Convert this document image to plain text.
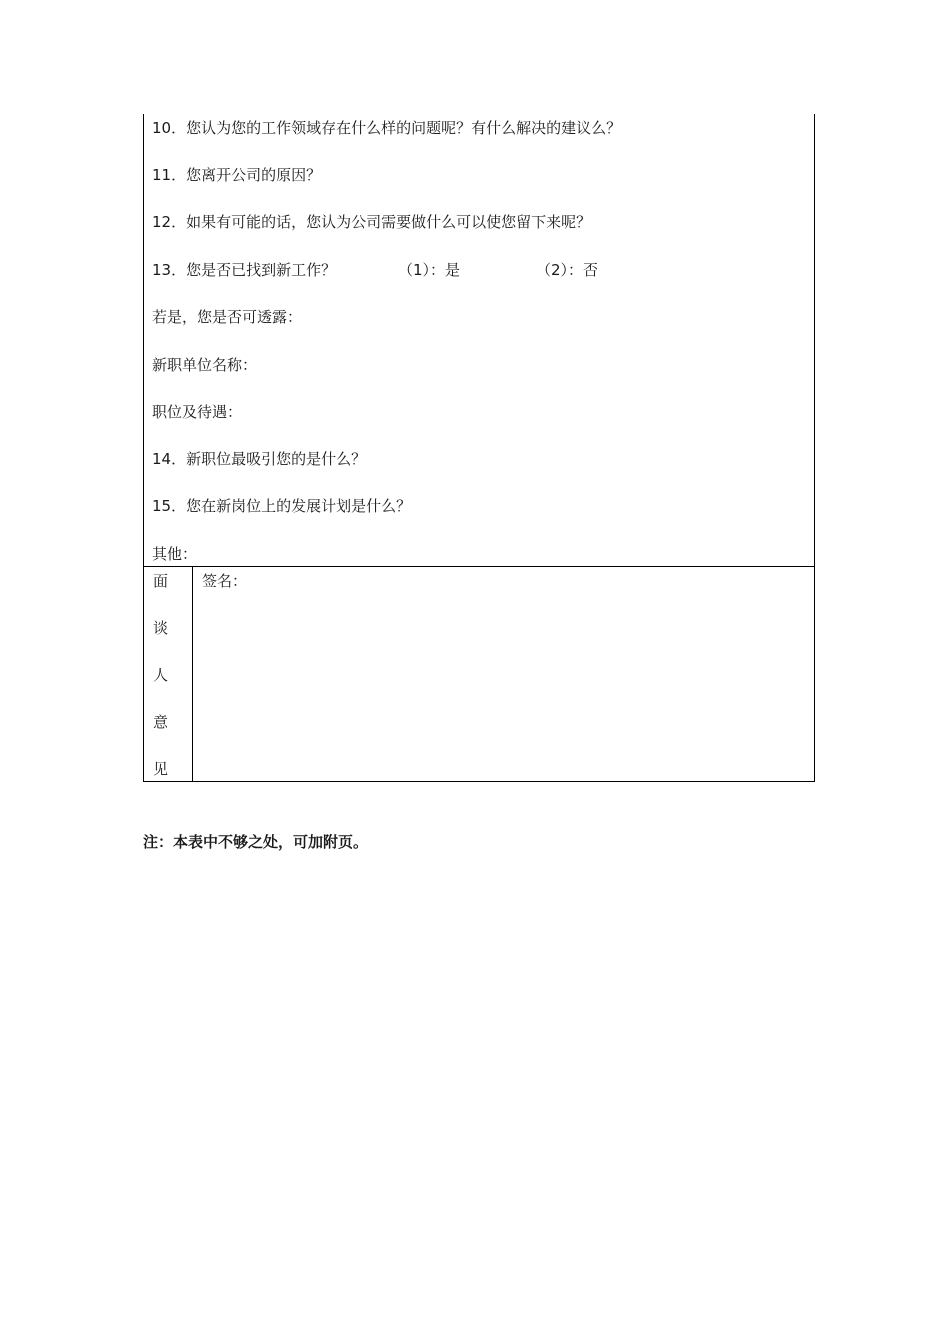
10．您认为您的工作领域存在什么样的问题呢？有什么解决的建议么？
11．您离开公司的原因？
12．如果有可能的话，您认为公司需要做什么可以使您留下来呢？
13．您是否已找到新工作？	（1）：是	（2）：否
若是，您是否可透露：
新职单位名称：
职位及待遇：
14．新职位最吸引您的是什么？
15．您在新岗位上的发展计划是什么？
其他：
面
谈
人
意
见
签名：
注：本表中不够之处，可加附页。
